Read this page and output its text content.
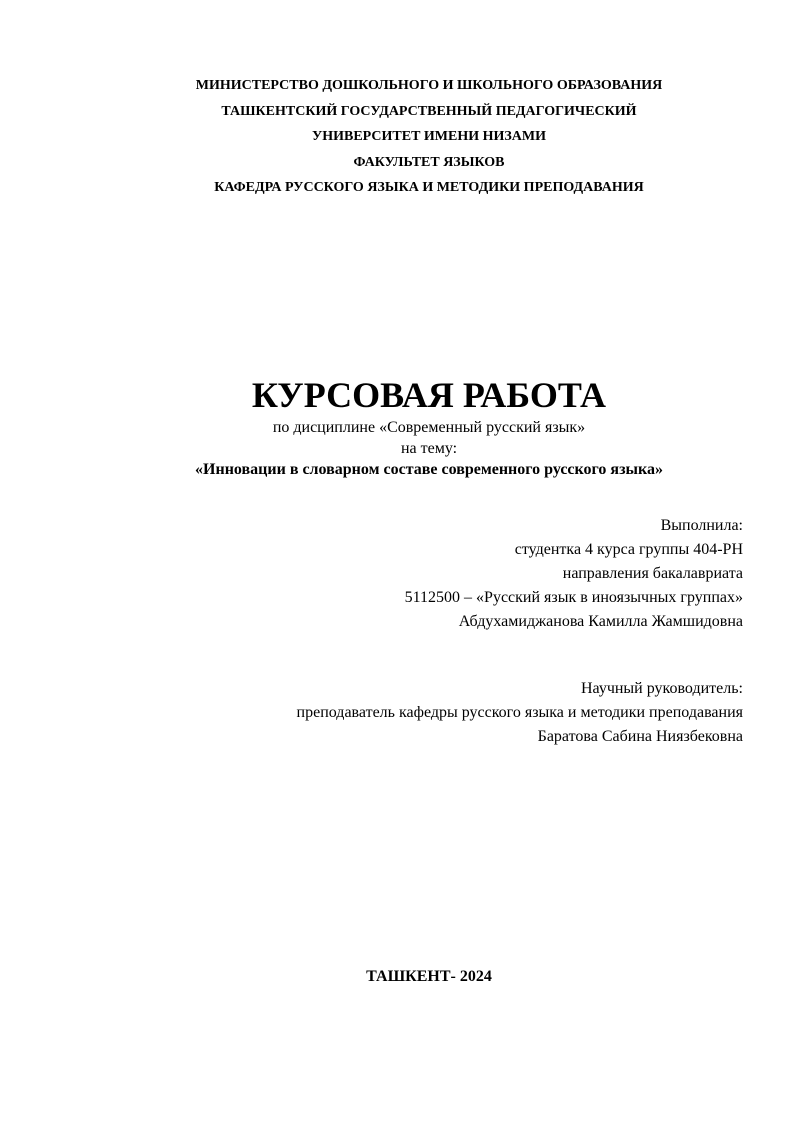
МИНИСТЕРСТВО ДОШКОЛЬНОГО И ШКОЛЬНОГО ОБРАЗОВАНИЯ
ТАШКЕНТСКИЙ ГОСУДАРСТВЕННЫЙ ПЕДАГОГИЧЕСКИЙ
УНИВЕРСИТЕТ ИМЕНИ НИЗАМИ
ФАКУЛЬТЕТ ЯЗЫКОВ
КАФЕДРА РУССКОГО ЯЗЫКА И МЕТОДИКИ ПРЕПОДАВАНИЯ
КУРСОВАЯ РАБОТА
по дисциплине «Современный русский язык»
на тему:
«Инновации в словарном составе современного русского языка»
Выполнила:
студентка 4 курса группы 404-РН
направления бакалавриата
5112500 – «Русский язык в иноязычных группах»
Абдухамиджанова Камилла Жамшидовна
Научный руководитель:
преподаватель кафедры русского языка и методики преподавания
Баратова Сабина Ниязбековна
ТАШКЕНТ- 2024
